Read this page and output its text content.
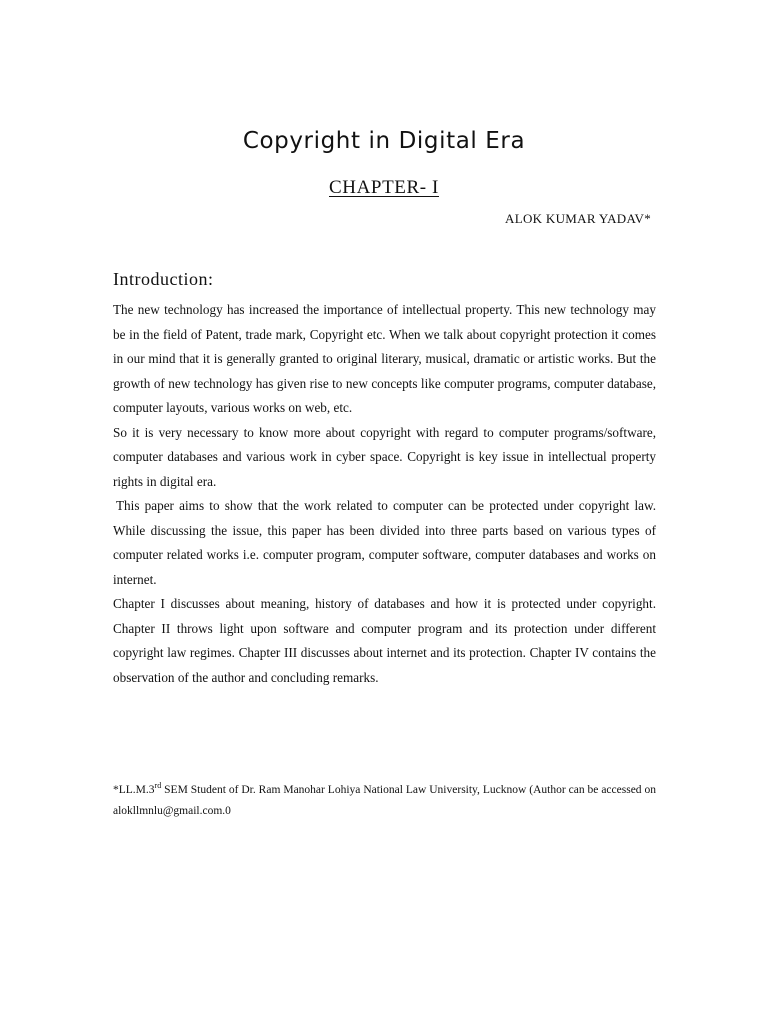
Copyright in Digital Era
CHAPTER- I
ALOK KUMAR YADAV*
Introduction:

The new technology has increased the importance of intellectual property. This new technology may be in the field of Patent, trade mark, Copyright etc. When we talk about copyright protection it comes in our mind that it is generally granted to original literary, musical, dramatic or artistic works. But the growth of new technology has given rise to new concepts like computer programs, computer database, computer layouts, various works on web, etc.

So it is very necessary to know more about copyright with regard to computer programs/software, computer databases and various work in cyber space. Copyright is key issue in intellectual property rights in digital era.

This paper aims to show that the work related to computer can be protected under copyright law. While discussing the issue, this paper has been divided into three parts based on various types of computer related works i.e. computer program, computer software, computer databases and works on internet.

Chapter I discusses about meaning, history of databases and how it is protected under copyright. Chapter II throws light upon software and computer program and its protection under different copyright law regimes. Chapter III discusses about internet and its protection. Chapter IV contains the observation of the author and concluding remarks.

*LL.M.3rd SEM Student of Dr. Ram Manohar Lohiya National Law University, Lucknow (Author can be accessed on alokllmnlu@gmail.com.0
